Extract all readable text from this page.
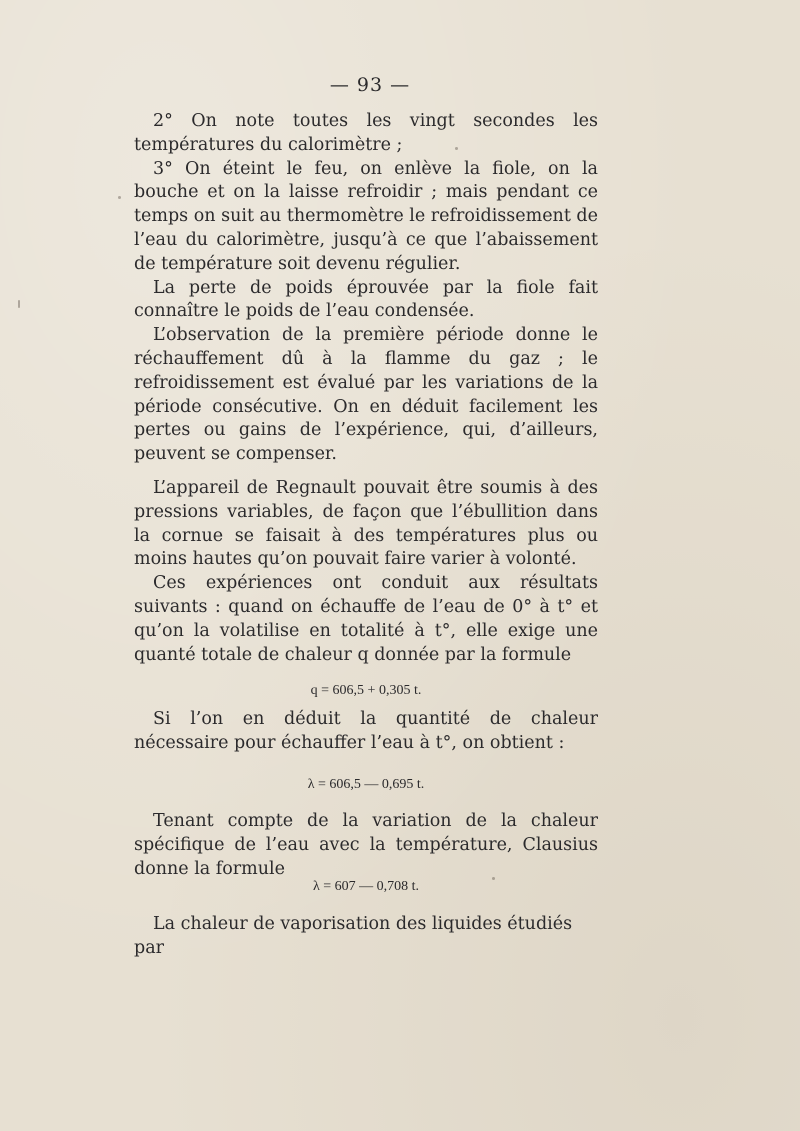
— 93 —

2° On note toutes les vingt secondes les températures du calorimètre ;

3° On éteint le feu, on enlève la fiole, on la bouche et on la laisse refroidir ; mais pendant ce temps on suit au thermomètre le refroidissement de l’eau du calorimètre, jusqu’à ce que l’abaissement de température soit devenu régulier.

La perte de poids éprouvée par la fiole fait connaître le poids de l’eau condensée.

L’observation de la première période donne le réchauffement dû à la flamme du gaz ; le refroidissement est évalué par les variations de la période consécutive. On en déduit facilement les pertes ou gains de l’expérience, qui, d’ailleurs, peuvent se compenser.

L’appareil de Regnault pouvait être soumis à des pressions variables, de façon que l’ébullition dans la cornue se faisait à des températures plus ou moins hautes qu’on pouvait faire varier à volonté.

Ces expériences ont conduit aux résultats suivants : quand on échauffe de l’eau de 0° à t° et qu’on la volatilise en totalité à t°, elle exige une quanté totale de chaleur q donnée par la formule

q = 606,5 + 0,305 t.

Si l’on en déduit la quantité de chaleur nécessaire pour échauffer l’eau à t°, on obtient :

λ = 606,5 — 0,695 t.

Tenant compte de la variation de la chaleur spécifique de l’eau avec la température, Clausius donne la formule

λ = 607 — 0,708 t.

La chaleur de vaporisation des liquides étudiés par
